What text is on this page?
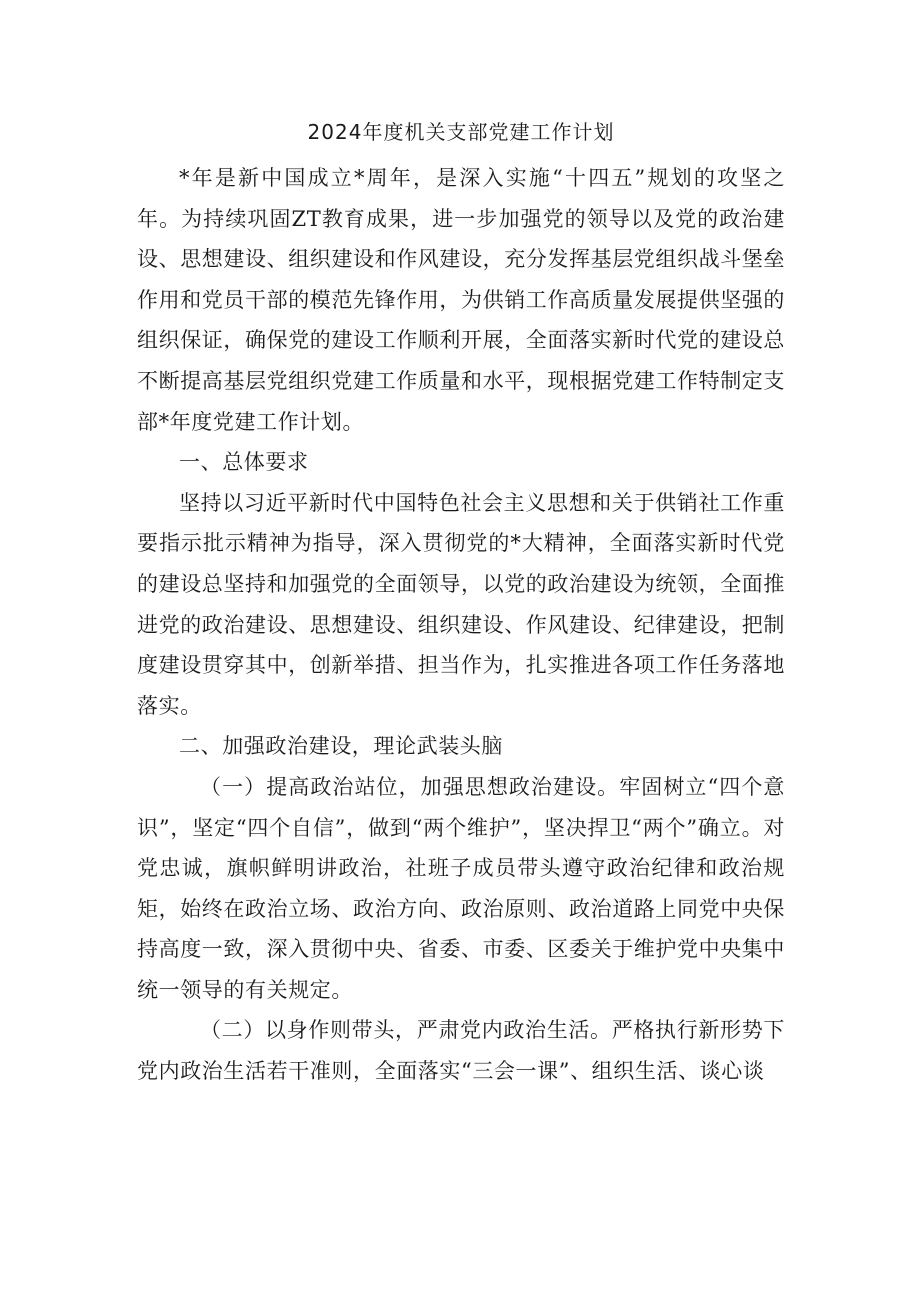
2024年度机关支部党建工作计划

*年是新中国成立*周年，是深入实施“十四五”规划的攻坚之年。为持续巩固ZT教育成果，进一步加强党的领导以及党的政治建设、思想建设、组织建设和作风建设，充分发挥基层党组织战斗堡垒作用和党员干部的模范先锋作用，为供销工作高质量发展提供坚强的组织保证，确保党的建设工作顺利开展，全面落实新时代党的建设总不断提高基层党组织党建工作质量和水平，现根据党建工作特制定支部*年度党建工作计划。

一、总体要求

坚持以习近平新时代中国特色社会主义思想和关于供销社工作重要指示批示精神为指导，深入贯彻党的*大精神，全面落实新时代党的建设总坚持和加强党的全面领导，以党的政治建设为统领，全面推进党的政治建设、思想建设、组织建设、作风建设、纪律建设，把制度建设贯穿其中，创新举措、担当作为，扎实推进各项工作任务落地落实。

二、加强政治建设，理论武装头脑

（一）提高政治站位，加强思想政治建设。牢固树立“四个意识”，坚定“四个自信”，做到“两个维护”，坚决捍卫“两个”确立。对党忠诚，旗帜鲜明讲政治，社班子成员带头遵守政治纪律和政治规矩，始终在政治立场、政治方向、政治原则、政治道路上同党中央保持高度一致，深入贯彻中央、省委、市委、区委关于维护党中央集中统一领导的有关规定。

（二）以身作则带头，严肃党内政治生活。严格执行新形势下党内政治生活若干准则，全面落实“三会一课”、组织生活、谈心谈
